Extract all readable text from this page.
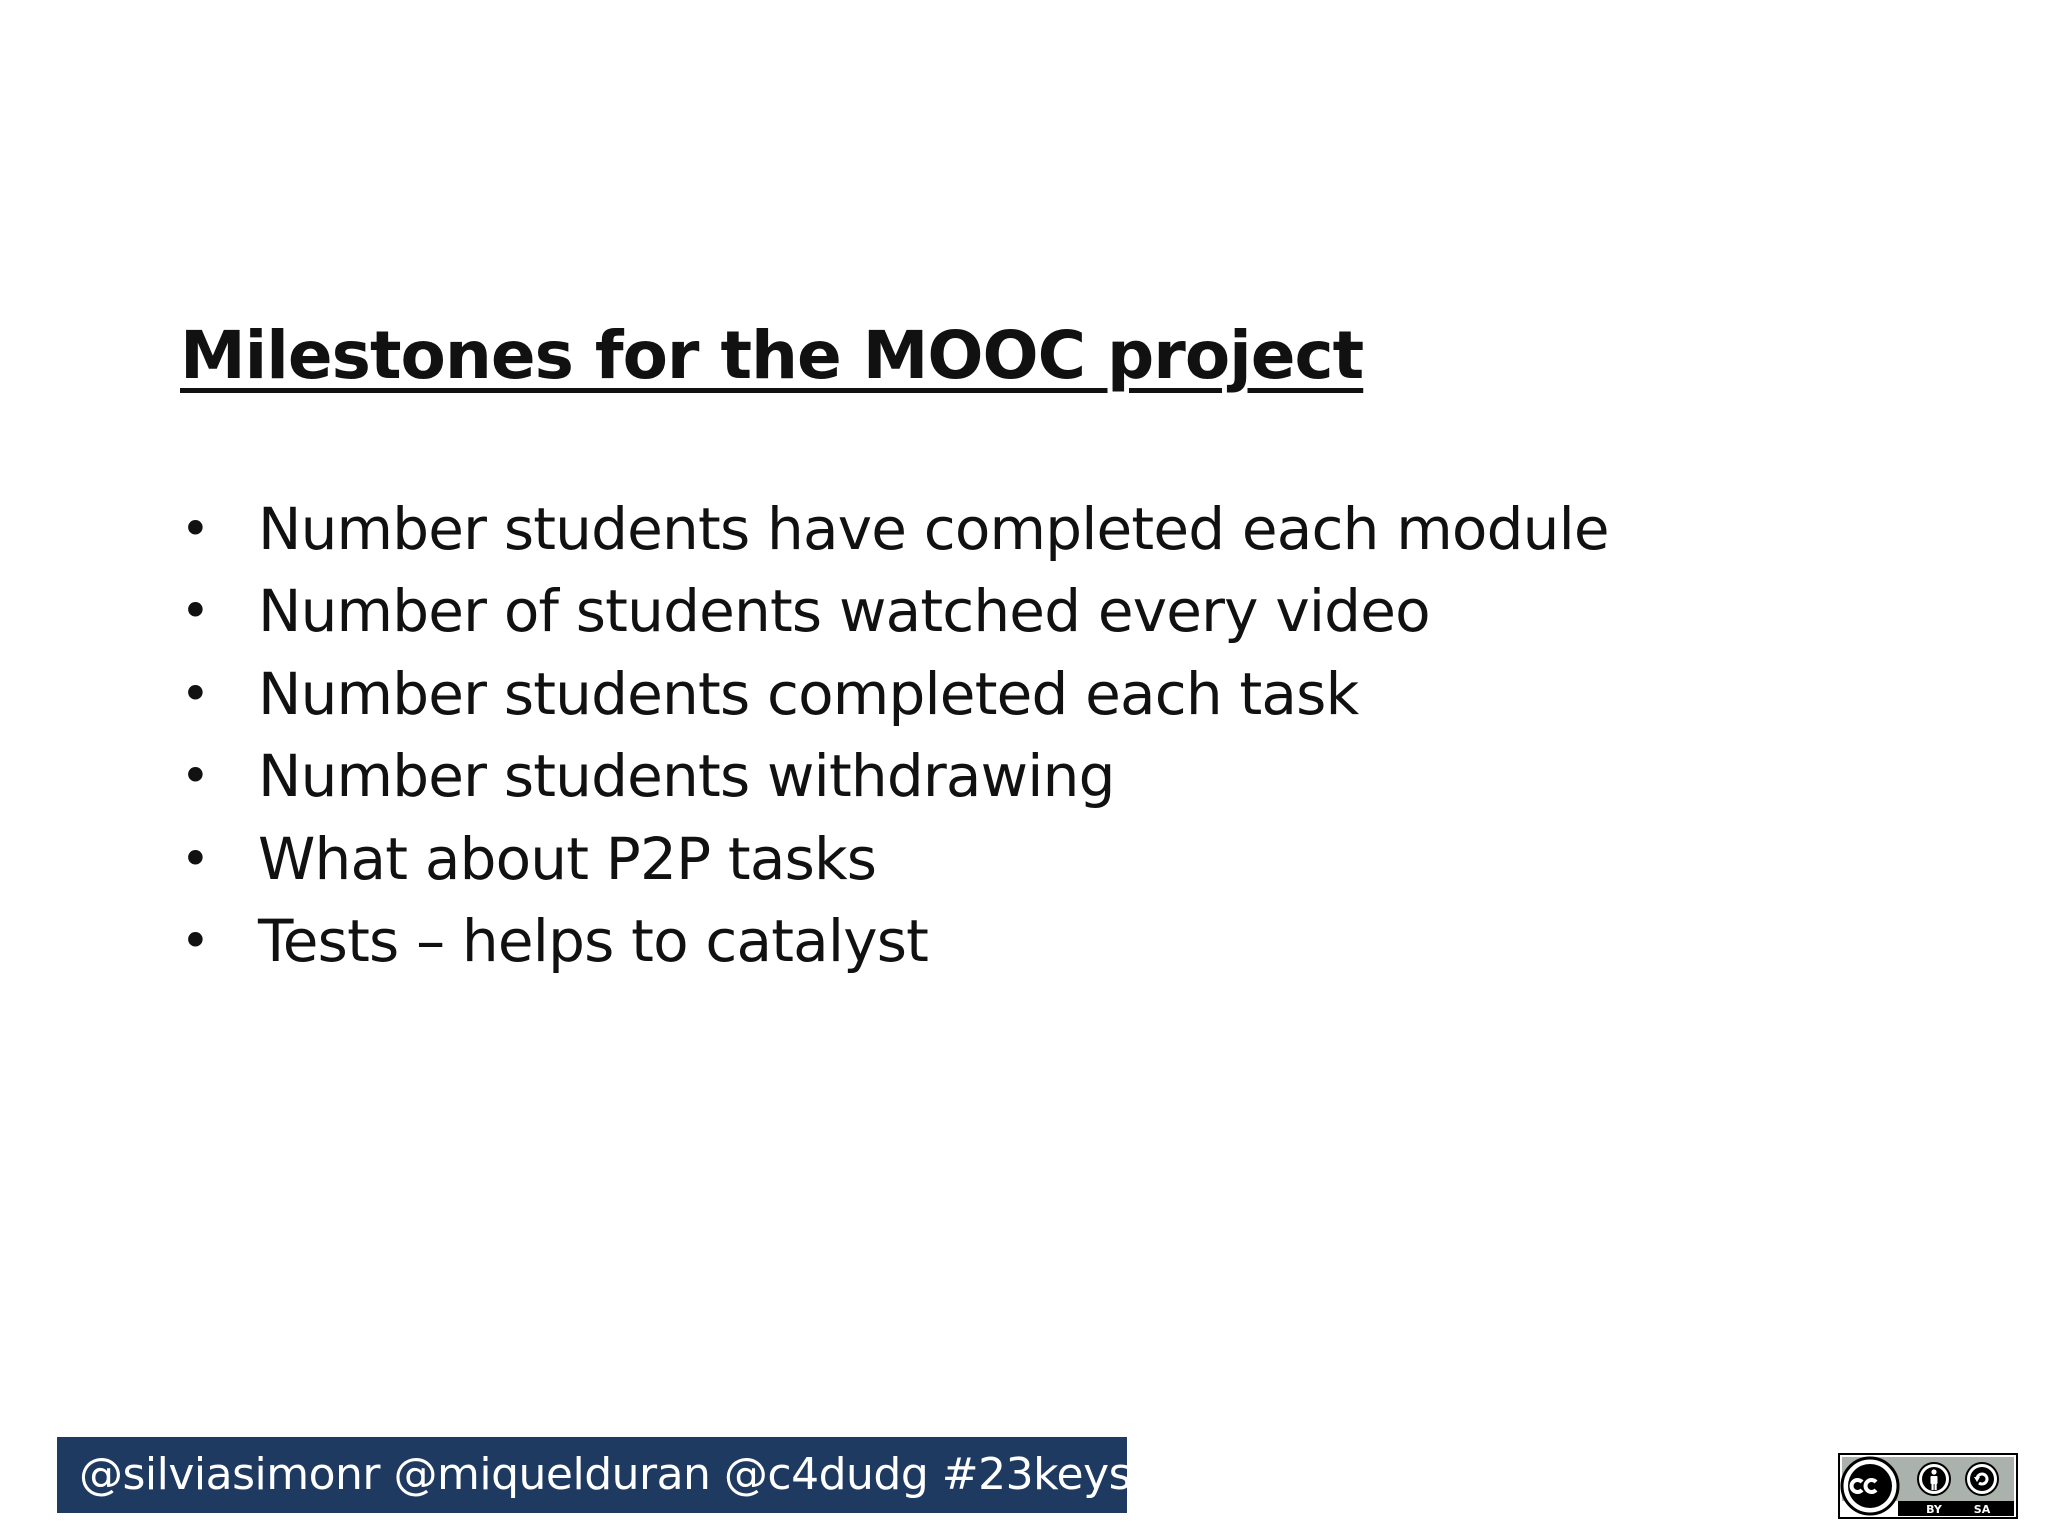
Milestones for the MOOC project
• Number students have completed each module
• Number of students watched every video
• Number students completed each task
• Number students withdrawing
• What about P2P tasks
• Tests – helps to catalyst
@silviasimonr @miquelduran @c4dudg #23keysmooc
BY	SA
